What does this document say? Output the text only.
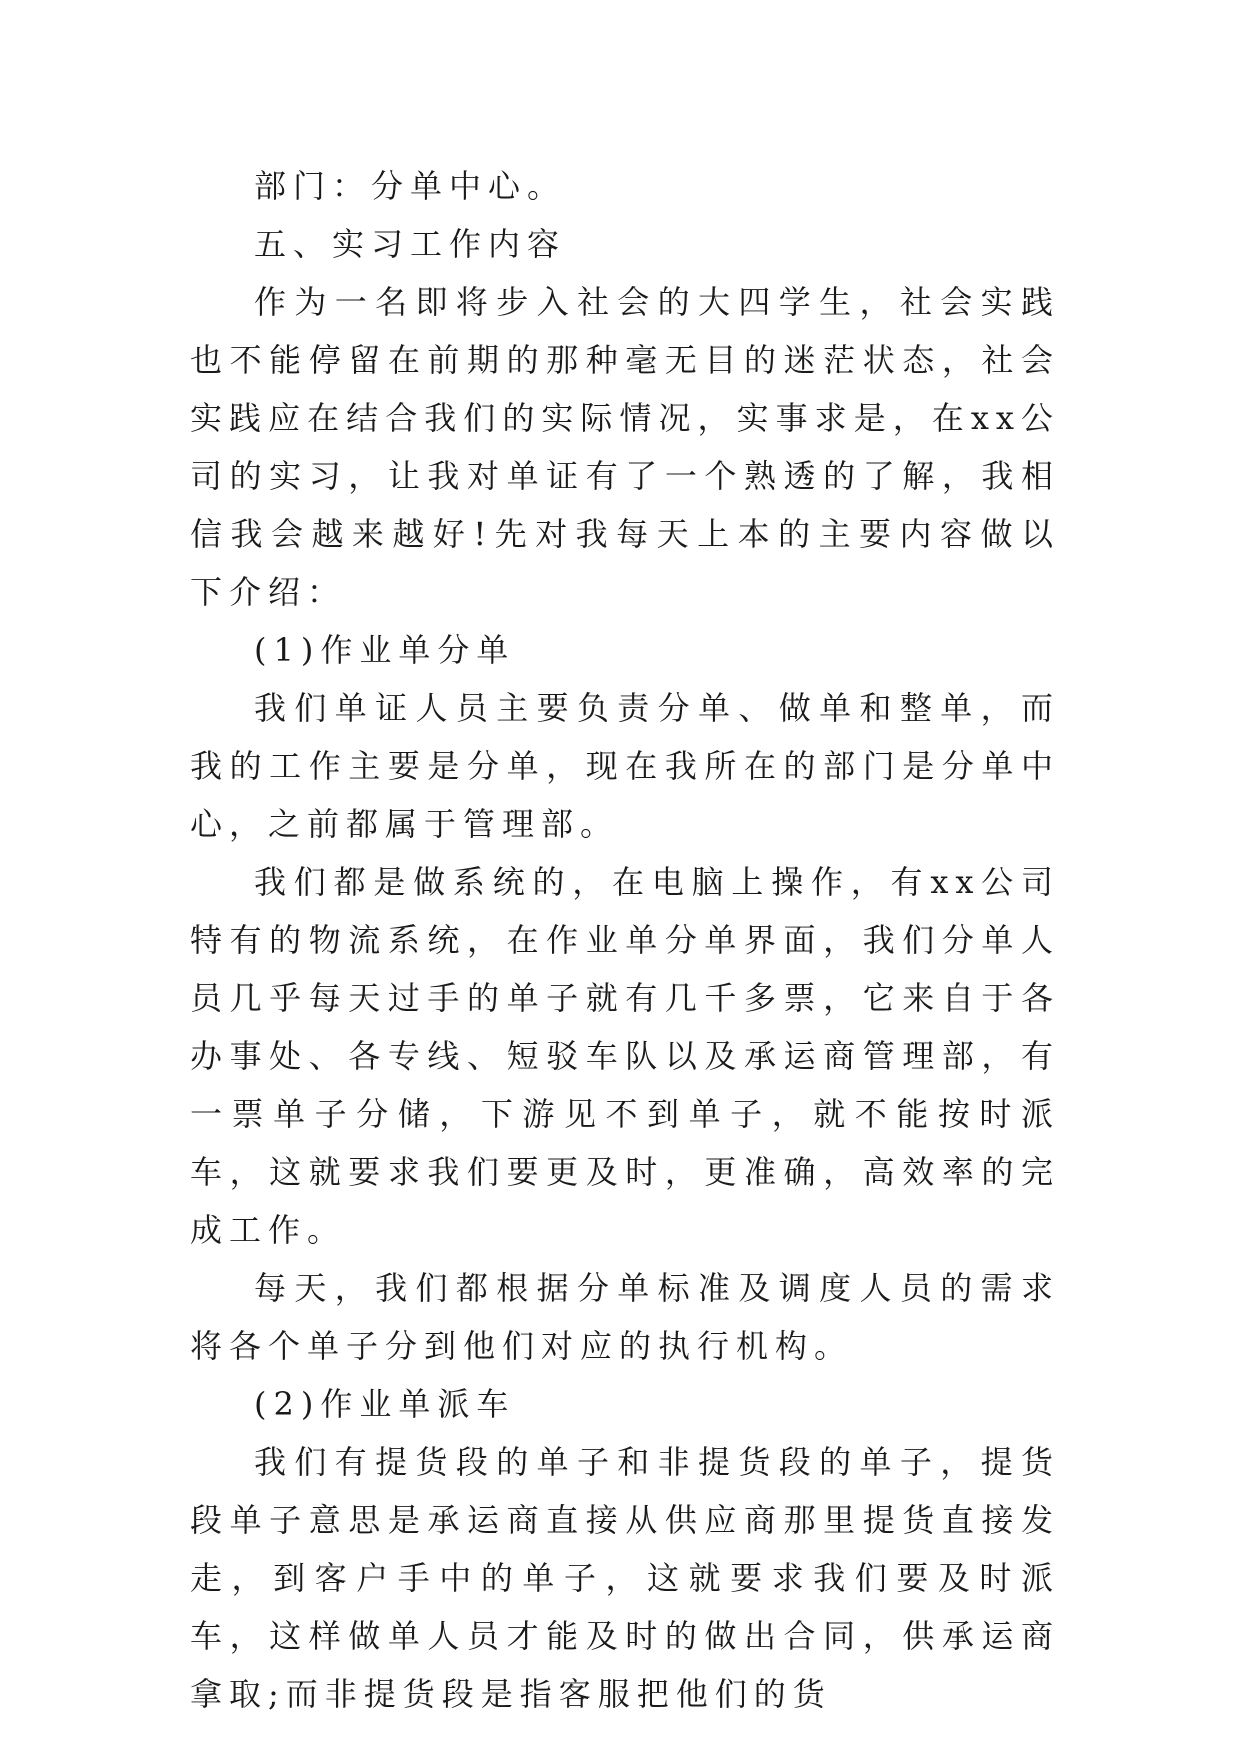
部门：分单中心。

五、实习工作内容

作为一名即将步入社会的大四学生，社会实践也不能停留在前期的那种毫无目的迷茫状态，社会实践应在结合我们的实际情况，实事求是，在xx公司的实习，让我对单证有了一个熟透的了解，我相信我会越来越好!先对我每天上本的主要内容做以下介绍：

(1)作业单分单

我们单证人员主要负责分单、做单和整单，而我的工作主要是分单，现在我所在的部门是分单中心，之前都属于管理部。

我们都是做系统的，在电脑上操作，有xx公司特有的物流系统，在作业单分单界面，我们分单人员几乎每天过手的单子就有几千多票，它来自于各办事处、各专线、短驳车队以及承运商管理部，有一票单子分储，下游见不到单子，就不能按时派车，这就要求我们要更及时，更准确，高效率的完成工作。

每天，我们都根据分单标准及调度人员的需求将各个单子分到他们对应的执行机构。

(2)作业单派车

我们有提货段的单子和非提货段的单子，提货段单子意思是承运商直接从供应商那里提货直接发走，到客户手中的单子，这就要求我们要及时派车，这样做单人员才能及时的做出合同，供承运商拿取;而非提货段是指客服把他们的货
